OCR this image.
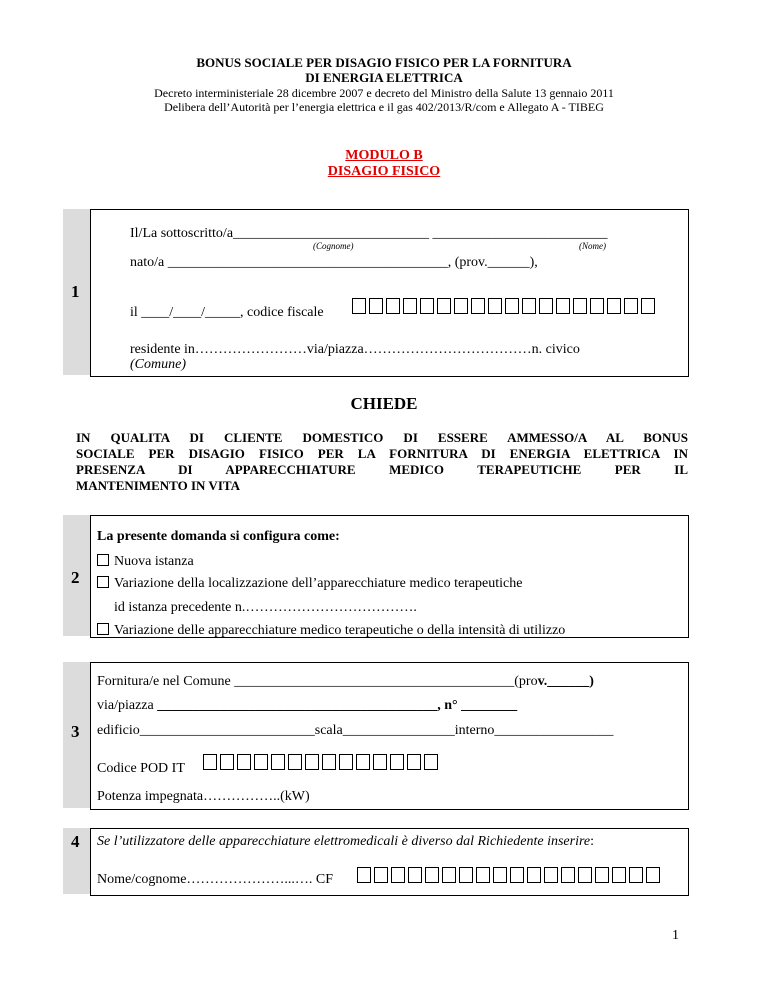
BONUS SOCIALE PER DISAGIO FISICO PER LA FORNITURA
DI ENERGIA ELETTRICA
Decreto interministeriale 28 dicembre 2007 e decreto del Ministro della Salute 13 gennaio 2011
Delibera dell’Autorità per l’energia elettrica e il gas 402/2013/R/com e Allegato A - TIBEG
MODULO B
DISAGIO FISICO
1
Il/La sottoscritto/a____________________________ _________________________
(Cognome)	(Nome)
nato/a ________________________________________, (prov.______),
il ____/____/_____, codice fiscale
residente in……………………via/piazza………………………………n. civico
(Comune)
CHIEDE
IN QUALITA DI CLIENTE DOMESTICO DI ESSERE AMMESSO/A AL BONUS
SOCIALE PER DISAGIO FISICO PER LA FORNITURA DI ENERGIA ELETTRICA IN
PRESENZA DI APPARECCHIATURE MEDICO TERAPEUTICHE PER IL
MANTENIMENTO IN VITA
2
La presente domanda si configura come:
Nuova istanza
Variazione della localizzazione dell’apparecchiature medico terapeutiche
id istanza precedente n.……………………………….
Variazione delle apparecchiature medico terapeutiche o della intensità di utilizzo
3
Fornitura/e nel Comune ________________________________________(prov.______)
via/piazza ________________________________________, n° ________
edificio_________________________scala________________interno_________________
Codice POD IT
Potenza impegnata……………..(kW)
4 Se l’utilizzatore delle apparecchiature elettromedicali è diverso dal Richiedente inserire:
Nome/cognome…………………...…. CF
1
